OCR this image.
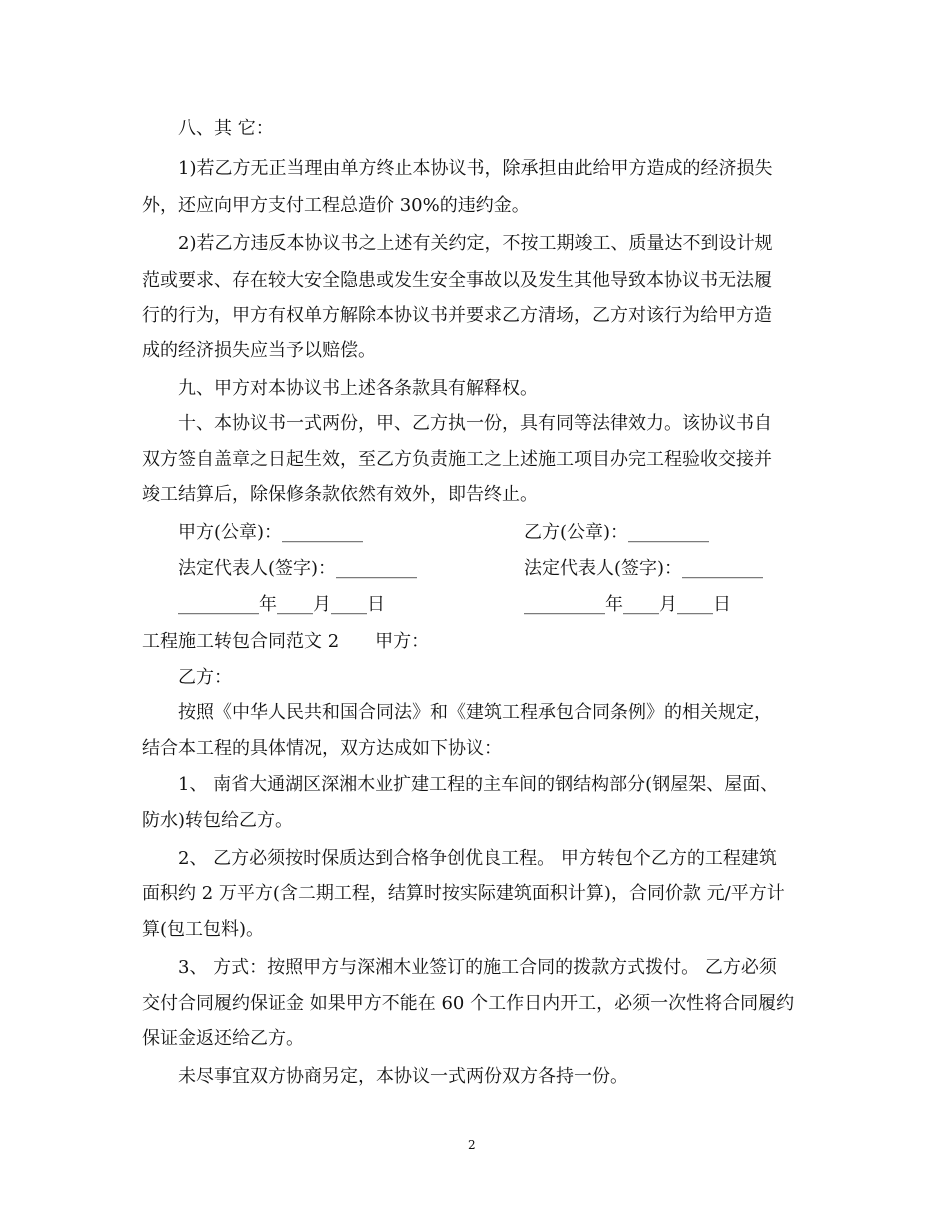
八、其 它：
1)若乙方无正当理由单方终止本协议书，除承担由此给甲方造成的经济损失
外，还应向甲方支付工程总造价 30%的违约金。
2)若乙方违反本协议书之上述有关约定，不按工期竣工、质量达不到设计规
范或要求、存在较大安全隐患或发生安全事故以及发生其他导致本协议书无法履
行的行为，甲方有权单方解除本协议书并要求乙方清场，乙方对该行为给甲方造
成的经济损失应当予以赔偿。
九、甲方对本协议书上述各条款具有解释权。
十、本协议书一式两份，甲、乙方执一份，具有同等法律效力。该协议书自
双方签自盖章之日起生效，至乙方负责施工之上述施工项目办完工程验收交接并
竣工结算后，除保修条款依然有效外，即告终止。
甲方(公章)：_________	乙方(公章)：_________
法定代表人(签字)：_________	法定代表人(签字)：_________
_________年____月____日	_________年____月____日
工程施工转包合同范文 2　　甲方：
乙方：
按照《中华人民共和国合同法》和《建筑工程承包合同条例》的相关规定，
结合本工程的具体情况，双方达成如下协议：
1、 南省大通湖区深湘木业扩建工程的主车间的钢结构部分(钢屋架、屋面、
防水)转包给乙方。
2、 乙方必须按时保质达到合格争创优良工程。 甲方转包个乙方的工程建筑
面积约 2 万平方(含二期工程，结算时按实际建筑面积计算)，合同价款 元/平方计
算(包工包料)。
3、 方式：按照甲方与深湘木业签订的施工合同的拨款方式拨付。 乙方必须
交付合同履约保证金 如果甲方不能在 60 个工作日内开工，必须一次性将合同履约
保证金返还给乙方。
未尽事宜双方协商另定，本协议一式两份双方各持一份。
2
